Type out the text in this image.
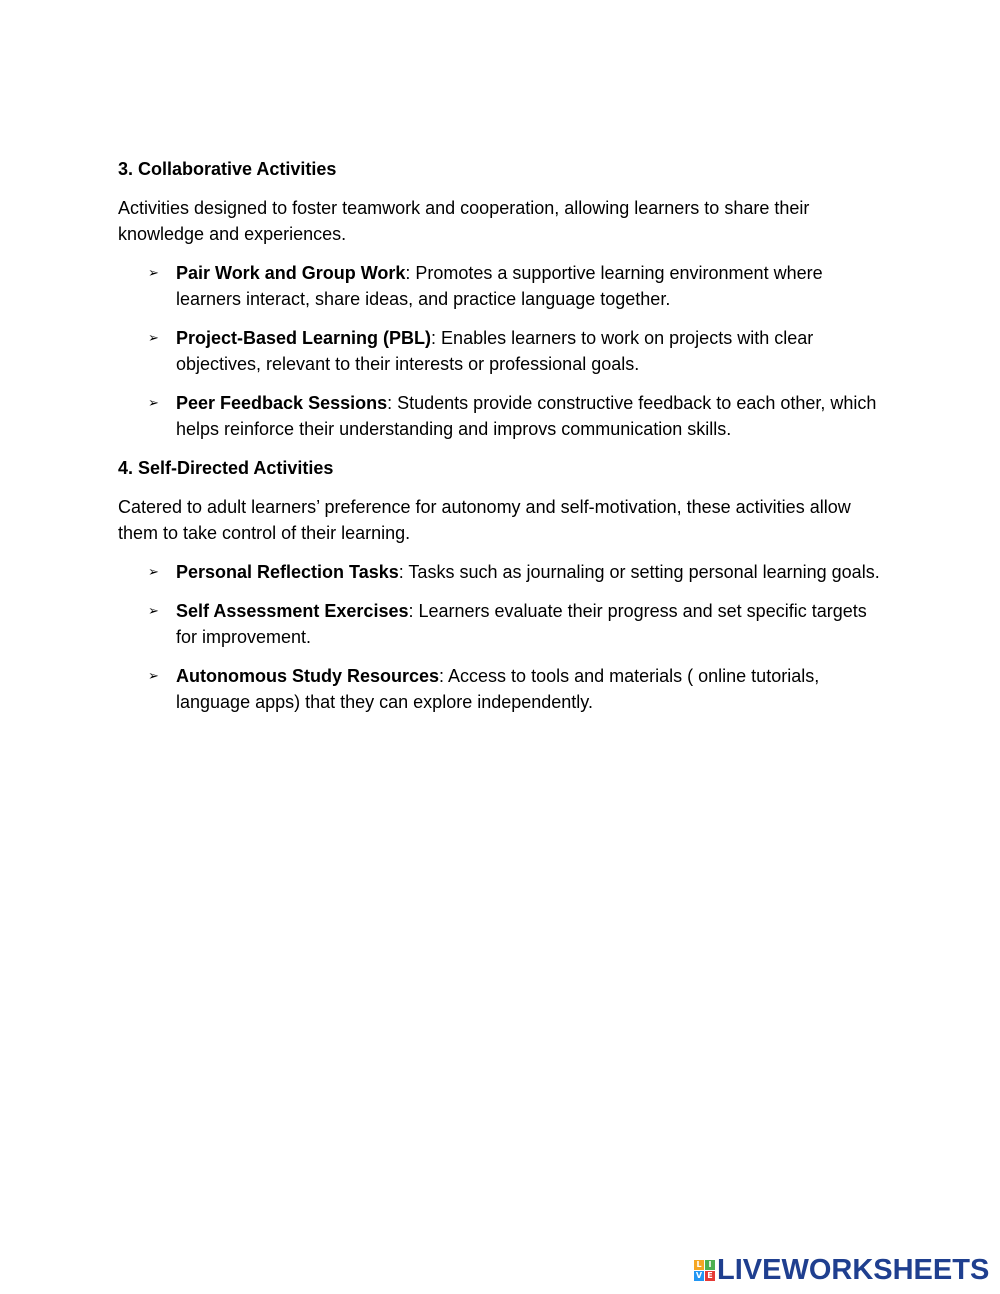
3. Collaborative Activities

Activities designed to foster teamwork and cooperation, allowing learners to share their knowledge and experiences.

➢ Pair Work and Group Work: Promotes a supportive learning environment where learners interact, share ideas, and practice language together.
➢ Project-Based Learning (PBL): Enables learners to work on projects with clear objectives, relevant to their interests or professional goals.
➢ Peer Feedback Sessions: Students provide constructive feedback to each other, which helps reinforce their understanding and improvs communication skills.
4. Self-Directed Activities

Catered to adult learners’ preference for autonomy and self-motivation, these activities allow them to take control of their learning.

➢ Personal Reflection Tasks: Tasks such as journaling or setting personal learning goals.
➢ Self Assessment Exercises: Learners evaluate their progress and set specific targets for improvement.
➢ Autonomous Study Resources: Access to tools and materials ( online tutorials, language apps) that they can explore independently.
L I
V E LIVEWORKSHEETS
